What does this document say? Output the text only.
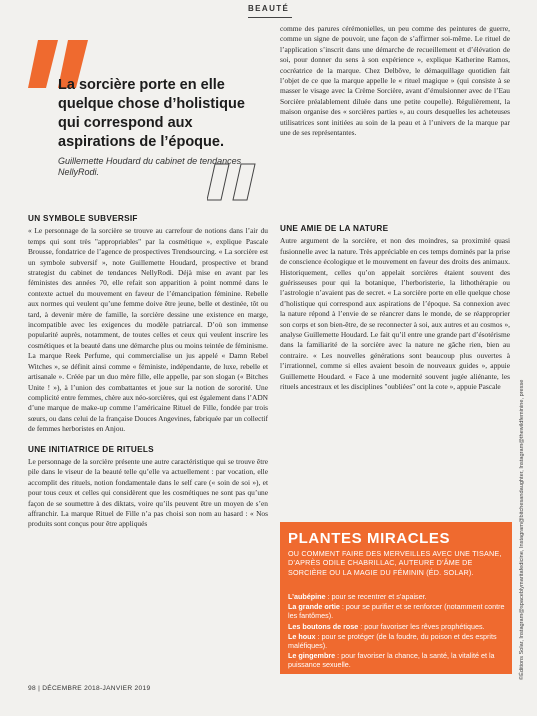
BEAUTÉ
La sorcière porte en elle quelque chose d’holistique qui correspond aux aspirations de l’époque.
Guillemette Houdard du cabinet de tendances NellyRodi.
UN SYMBOLE SUBVERSIF

« Le personnage de la sorcière se trouve au carrefour de notions dans l’air du temps qui sont très "appropriables" par la cosmétique », explique Pascale Brousse, fondatrice de l’agence de prospectives Trendsourcing. « La sorcière est un symbole subversif », note Guillemette Houdard, prospective et brand strategist du cabinet de tendances NellyRodi. Déjà mise en avant par les féministes des années 70, elle refait son apparition à point nommé dans le contexte actuel du mouvement en faveur de l’émancipation féminine. Rebelle aux normes qui veulent qu’une femme doive être jeune, belle et destinée, tôt ou tard, à devenir mère de famille, la sorcière dessine une existence en marge, incompatible avec les exigences du modèle patriarcal. D’où son immense popularité auprès, notamment, de toutes celles et ceux qui veulent inscrire les cosmétiques et la beauté dans une démarche plus ou moins teintée de féminisme. La marque Reek Perfume, qui commercialise un jus appelé « Damn Rebel Witches », se définit ainsi comme « féministe, indépendante, de luxe, rebelle et artisanale ». Créée par un duo mère fille, elle appelle, par son slogan (« Bitches Unite ! »), à l’union des combattantes et joue sur la notion de sororité. Une complicité entre femmes, chère aux néo-sorcières, qui est également dans l’ADN d’une marque de make-up comme l’américaine Rituel de Fille, fondée par trois sœurs, ou dans celui de la française Douces Angevines, fabriquée par un collectif de femmes herboristes en Anjou.

UNE INITIATRICE DE RITUELS

Le personnage de la sorcière présente une autre caractéristique qui se trouve être pile dans le viseur de la beauté telle qu’elle va actuellement : par vocation, elle accomplit des rituels, notion fondamentale dans le self care (« soin de soi »), et pour tous ceux et celles qui considèrent que les cosmétiques ne sont pas qu’une façon de se soumettre à des diktats, voire qu’ils peuvent être un moyen de s’en affranchir. La marque Rituel de Fille n’a pas choisi son nom au hasard : « Nos produits sont conçus pour être appliqués

comme des parures cérémonielles, un peu comme des peintures de guerre, comme un signe de pouvoir, une façon de s’affirmer soi-même. Le rituel de l’application s’inscrit dans une démarche de recueillement et d’élévation de soi, pour donner du sens à son expérience », explique Katherine Ramos, cocréatrice de la marque. Chez Delbôve, le démaquillage quotidien fait l’objet de ce que la marque appelle le « rituel magique » (qui consiste à se masser le visage avec la Crème Sorcière, avant d’émulsionner avec de l’Eau Sorcière préalablement diluée dans une petite coupelle). Régulièrement, la maison organise des « sorcières parties », au cours desquelles les acheteuses utilisatrices sont initiées au soin de la peau et à l’univers de la marque par une de ses représentantes.

UNE AMIE DE LA NATURE

Autre argument de la sorcière, et non des moindres, sa proximité quasi fusionnelle avec la nature. Très appréciable en ces temps dominés par la prise de conscience écologique et le mouvement en faveur des droits des animaux. Historiquement, celles qu’on appelait sorcières étaient souvent des guérisseuses pour qui la botanique, l’herboristerie, la lithothérapie ou l’astrologie n’avaient pas de secret. « La sorcière porte en elle quelque chose d’holistique qui correspond aux aspirations de l’époque. Sa connexion avec la nature répond à l’envie de se réancrer dans le monde, de se réapproprier son corps et son bien-être, de se reconnecter à soi, aux autres et au cosmos », analyse Guillemette Houdard. Le fait qu’il entre une grande part d’ésotérisme dans la familiarité de la sorcière avec la nature ne gâche rien, bien au contraire. « Les nouvelles générations sont beaucoup plus ouvertes à l’irrationnel, comme si elles avaient besoin de nouveaux guides », appuie Guillemette Houdard. « Face à une modernité souvent jugée aliénante, les rituels ancestraux et les disciplines "oubliées" ont la cote », appuie Pascale

PLANTES MIRACLES
OU COMMENT FAIRE DES MERVEILLES AVEC UNE TISANE, D’APRÈS ODILE CHABRILLAC, AUTEURE D’ÂME DE SORCIÈRE OU LA MAGIE DU FÉMININ (ÉD. SOLAR).
L’aubépine : pour se recentrer et s’apaiser.
La grande ortie : pour se purifier et se renforcer (notamment contre les fantômes).
Les boutons de rose : pour favoriser les rêves prophétiques.
Le houx : pour se protéger (de la foudre, du poison et des esprits maléfiques).
Le gingembre : pour favoriser la chance, la santé, la vitalité et la puissance sexuelle.
98 | DÉCEMBRE 2018-JANVIER 2019
©Éditions Solar, Instagram@spaceblymaritafedicine, Instagram@bitchesandaughter, Instagram@thewildfeminine, presse
